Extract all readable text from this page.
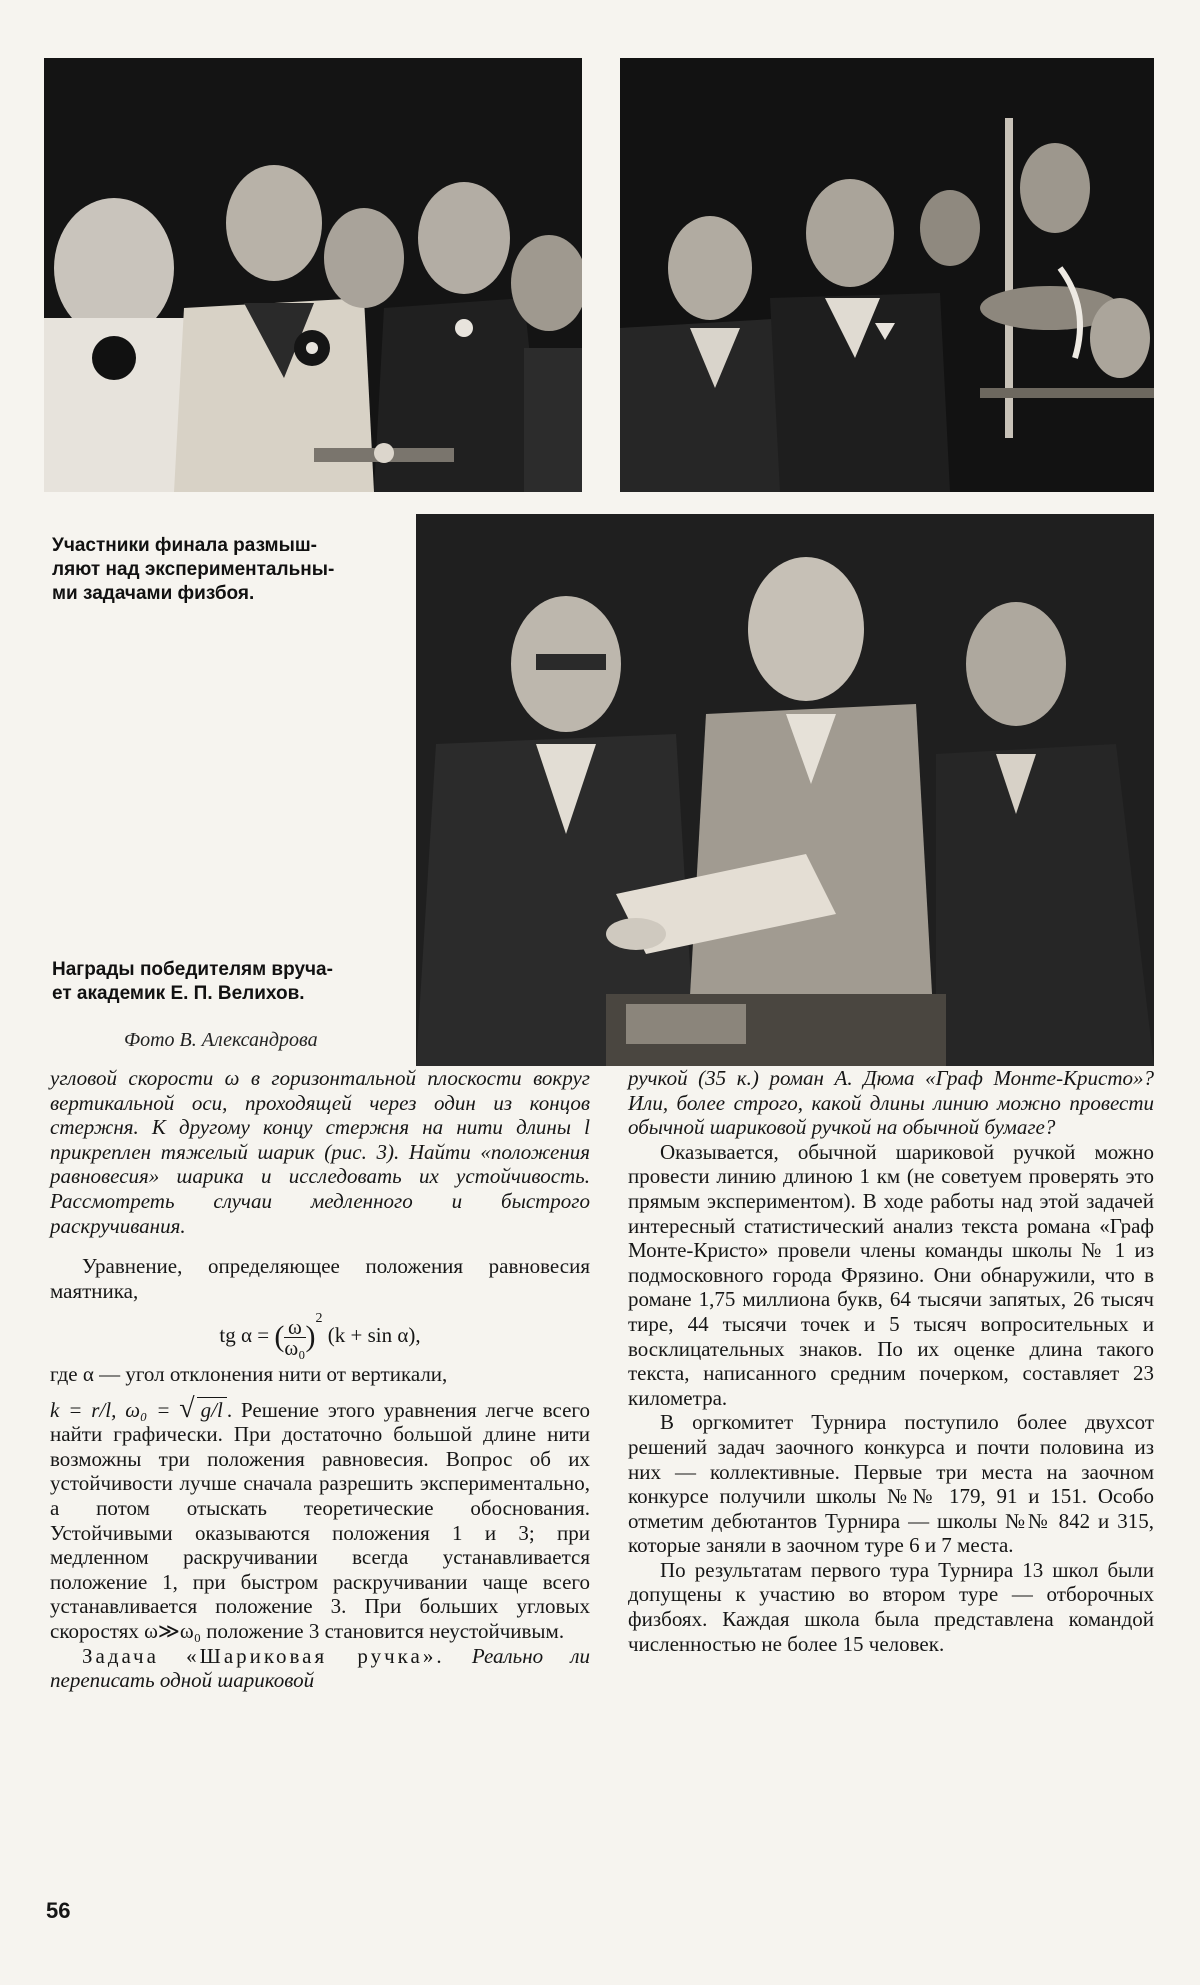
Участники финала размыш-
ляют над экспериментальны-
ми задачами физбоя.
Награды победителям вруча-
ет академик Е. П. Велихов.
Фото В. Александрова

угловой скорости ω в горизонтальной плоскости вокруг вертикальной оси, проходящей через один из концов стержня. К другому концу стержня на нити длины l прикреплен тяжелый шарик (рис. 3). Найти «положения равновесия» шарика и исследовать их устойчивость. Рассмотреть случаи медленного и быстрого раскручивания.

Уравнение, определяющее положения равновесия маятника,

tg α = ( $\frac{\omega}{\text{ω₀}} )^2$ (k + sin α),

где α — угол отклонения нити от вертикали,

k = r/l, ω₀ = √ g/l . Решение этого уравнения легче всего найти графически. При достаточно большой длине нити возможны три положения равновесия. Вопрос об их устойчивости лучше сначала разрешить экспериментально, а потом отыскать теоретические обоснования. Устойчивыми оказываются положения 1 и 3; при медленном раскручивании всегда устанавливается положение 1, при быстром раскручивании чаще всего устанавливается положение 3. При больших угловых скоростях ω≫ω₀ положение 3 становится неустойчивым.

Задача «Шариковая ручка». Реально ли переписать одной шариковой

ручкой (35 к.) роман А. Дюма «Граф Монте-Кристо»? Или, более строго, какой длины линию можно провести обычной шариковой ручкой на обычной бумаге?

Оказывается, обычной шариковой ручкой можно провести линию длиною 1 км (не советуем проверять это прямым экспериментом). В ходе работы над этой задачей интересный статистический анализ текста романа «Граф Монте-Кристо» провели члены команды школы № 1 из подмосковного города Фрязино. Они обнаружили, что в романе 1,75 миллиона букв, 64 тысячи запятых, 26 тысяч тире, 44 тысячи точек и 5 тысяч вопросительных и восклицательных знаков. По их оценке длина такого текста, написанного средним почерком, составляет 23 километра.

В оргкомитет Турнира поступило более двухсот решений задач заочного конкурса и почти половина из них — коллективные. Первые три места на заочном конкурсе получили школы №№ 179, 91 и 151. Особо отметим дебютантов Турнира — школы №№ 842 и 315, которые заняли в заочном туре 6 и 7 места.

По результатам первого тура Турнира 13 школ были допущены к участию во втором туре — отборочных физбоях. Каждая школа была представлена командой численностью не более 15 человек.

56
